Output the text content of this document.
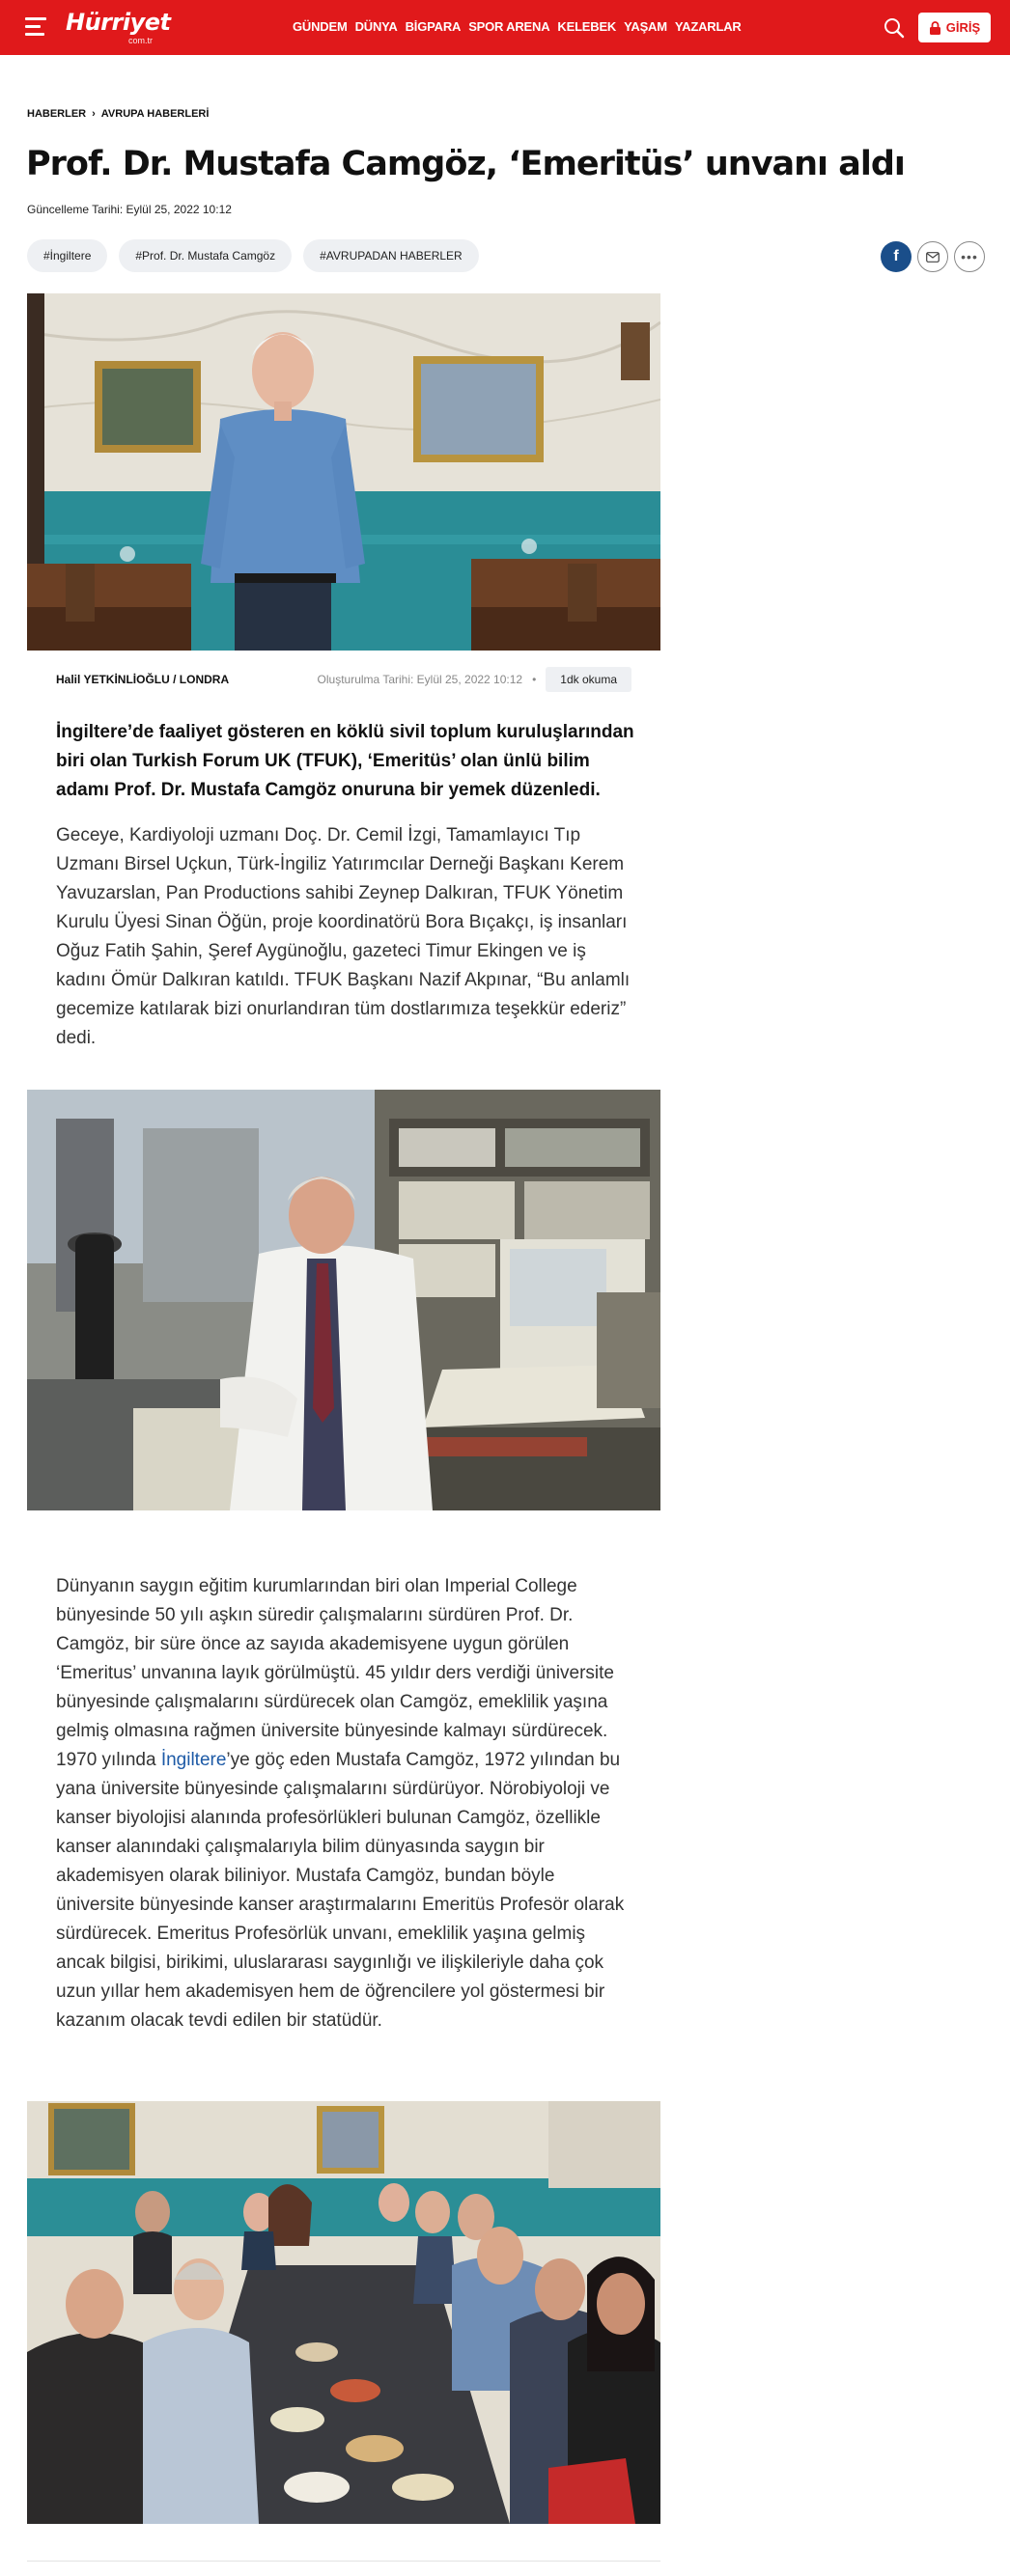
Hürriyet
com.tr
GÜNDEM DÜNYA BİGPARA SPOR ARENA KELEBEK YAŞAM YAZARLAR	GİRİŞ
HABERLER › AVRUPA HABERLERİ
Prof. Dr. Mustafa Camgöz, ‘Emeritüs’ unvanı aldı
Güncelleme Tarihi: Eylül 25, 2022 10:12
#İngiltere	#Prof. Dr. Mustafa Camgöz	#AVRUPADAN HABERLER	f	•••
Halil YETKİNLİOĞLU / LONDRA	Oluşturulma Tarihi: Eylül 25, 2022 10:12 •	1dk okuma
İngiltere’de faaliyet gösteren en köklü sivil toplum kuruluşlarından biri olan Turkish Forum UK (TFUK), ‘Emeritüs’ olan ünlü bilim adamı Prof. Dr. Mustafa Camgöz onuruna bir yemek düzenledi.
Geceye, Kardiyoloji uzmanı Doç. Dr. Cemil İzgi, Tamamlayıcı Tıp Uzmanı Birsel Uçkun, Türk-İngiliz Yatırımcılar Derneği Başkanı Kerem Yavuzarslan, Pan Productions sahibi Zeynep Dalkıran, TFUK Yönetim Kurulu Üyesi Sinan Öğün, proje koordinatörü Bora Bıçakçı, iş insanları Oğuz Fatih Şahin, Şeref Aygünoğlu, gazeteci Timur Ekingen ve iş kadını Ömür Dalkıran katıldı. TFUK Başkanı Nazif Akpınar, “Bu anlamlı gecemize katılarak bizi onurlandıran tüm dostlarımıza teşekkür ederiz” dedi.
Dünyanın saygın eğitim kurumlarından biri olan Imperial College bünyesinde 50 yılı aşkın süredir çalışmalarını sürdüren Prof. Dr. Camgöz, bir süre önce az sayıda akademisyene uygun görülen ‘Emeritus’ unvanına layık görülmüştü. 45 yıldır ders verdiği üniversite bünyesinde çalışmalarını sürdürecek olan Camgöz, emeklilik yaşına gelmiş olmasına rağmen üniversite bünyesinde kalmayı sürdürecek. 1970 yılında İngiltere’ye göç eden Mustafa Camgöz, 1972 yılından bu yana üniversite bünyesinde çalışmalarını sürdürüyor. Nörobiyoloji ve kanser biyolojisi alanında profesörlükleri bulunan Camgöz, özellikle kanser alanındaki çalışmalarıyla bilim dünyasında saygın bir akademisyen olarak biliniyor. Mustafa Camgöz, bundan böyle üniversite bünyesinde kanser araştırmalarını Emeritüs Profesör olarak sürdürecek. Emeritus Profesörlük unvanı, emeklilik yaşına gelmiş ancak bilgisi, birikimi, uluslararası saygınlığı ve ilişkileriyle daha çok uzun yıllar hem akademisyen hem de öğrencilere yol göstermesi bir kazanım olacak tevdi edilen bir statüdür.
